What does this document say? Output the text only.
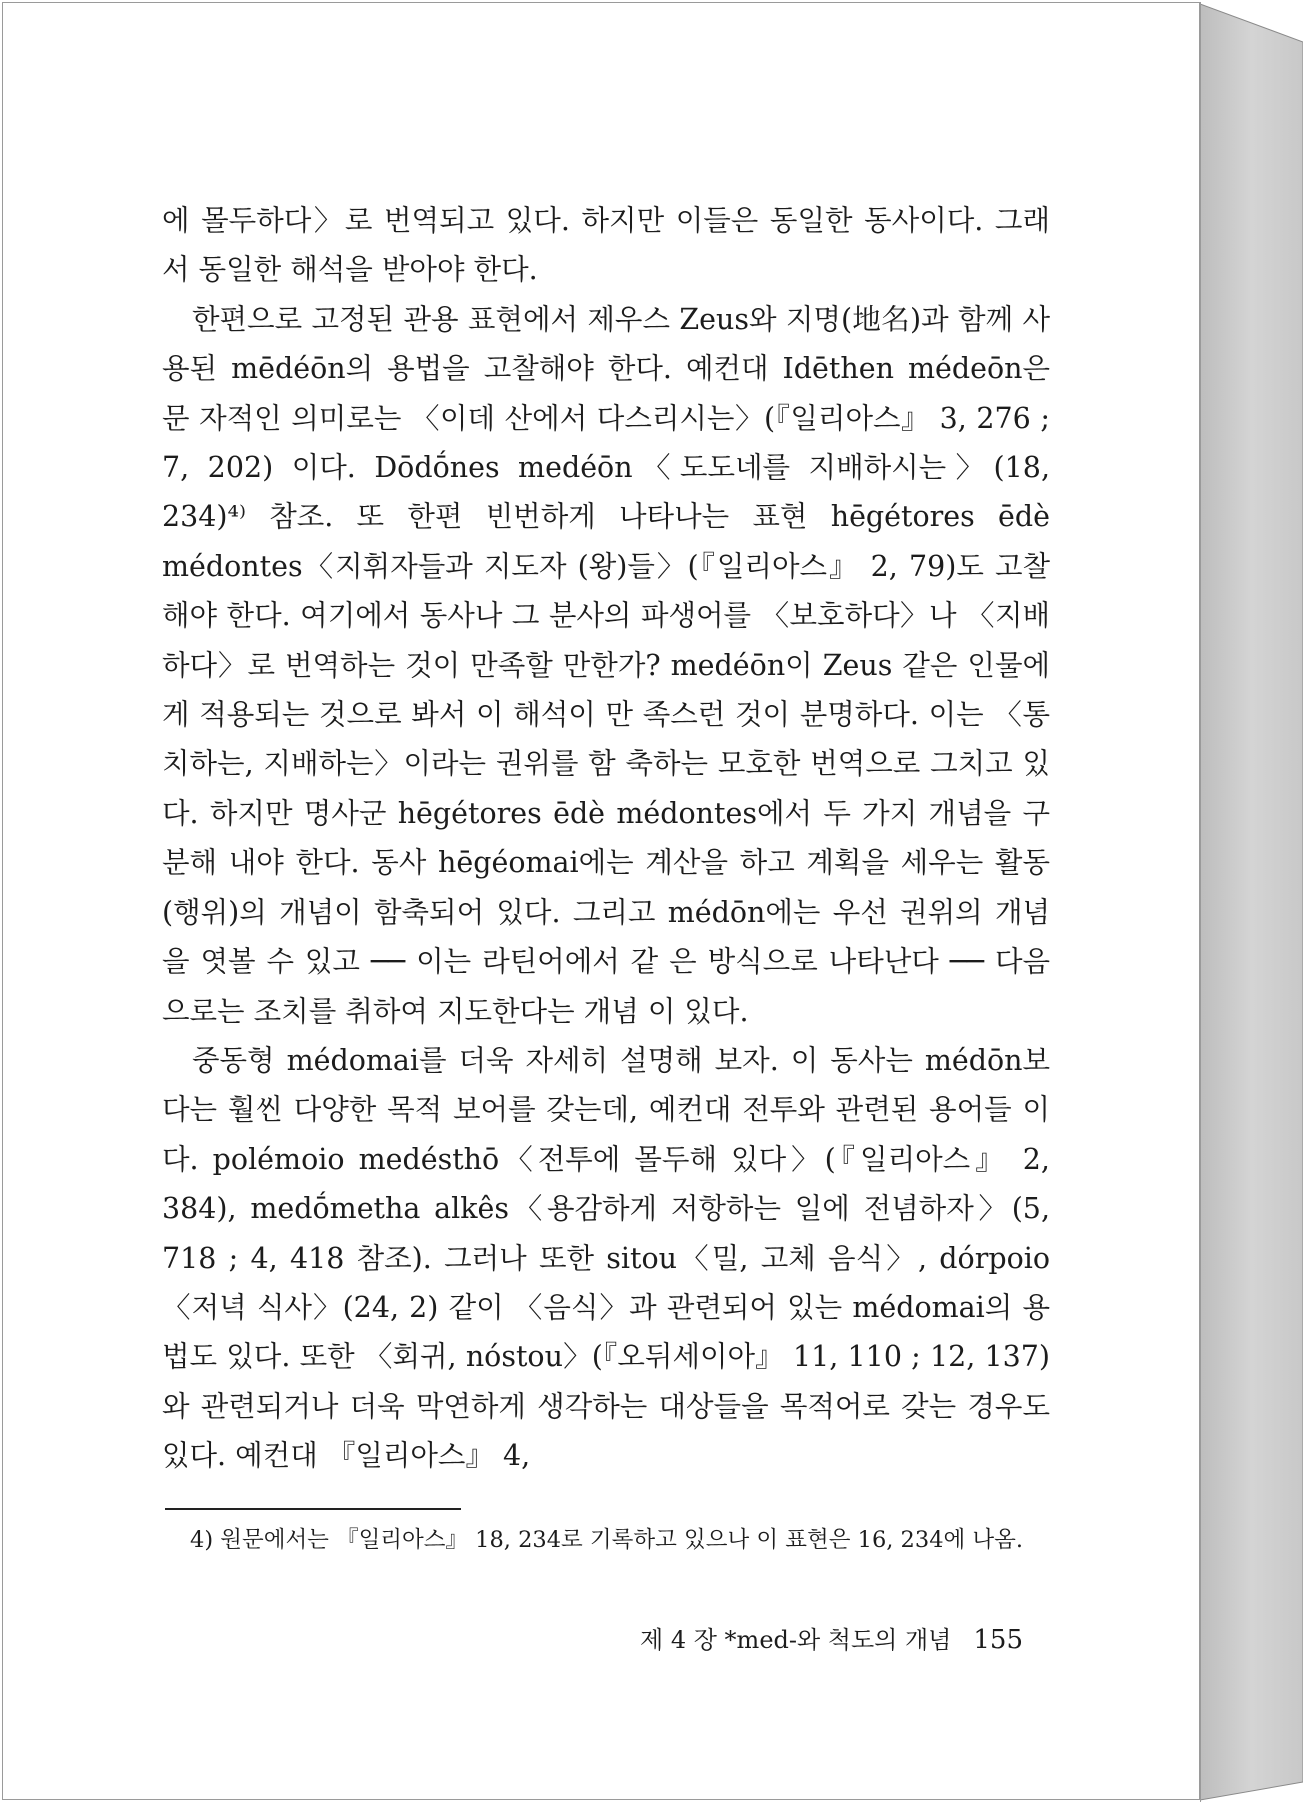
에 몰두하다〉로 번역되고 있다. 하지만 이들은 동일한 동사이다. 그래 서 동일한 해석을 받아야 한다.

한편으로 고정된 관용 표현에서 제우스 Zeus와 지명(地名)과 함께 사 용된 mēdéōn의 용법을 고찰해야 한다. 예컨대 Idēthen médeōn은 문 자적인 의미로는 〈이데 산에서 다스리시는〉(『일리아스』 3, 276 ; 7, 202) 이다. Dōdṓnes medéōn〈도도네를 지배하시는〉(18, 234)⁴⁾ 참조. 또 한편 빈번하게 나타나는 표현 hēgétores ēdè médontes〈지휘자들과 지도자 (왕)들〉(『일리아스』 2, 79)도 고찰해야 한다. 여기에서 동사나 그 분사의 파생어를 〈보호하다〉나 〈지배하다〉로 번역하는 것이 만족할 만한가? medéōn이 Zeus 같은 인물에게 적용되는 것으로 봐서 이 해석이 만 족스런 것이 분명하다. 이는 〈통치하는, 지배하는〉이라는 권위를 함 축하는 모호한 번역으로 그치고 있다. 하지만 명사군 hēgétores ēdè médontes에서 두 가지 개념을 구분해 내야 한다. 동사 hēgéomai에는 계산을 하고 계획을 세우는 활동(행위)의 개념이 함축되어 있다. 그리고 médōn에는 우선 권위의 개념을 엿볼 수 있고 ── 이는 라틴어에서 같 은 방식으로 나타난다 ── 다음으로는 조치를 취하여 지도한다는 개념 이 있다.

중동형 médomai를 더욱 자세히 설명해 보자. 이 동사는 médōn보 다는 훨씬 다양한 목적 보어를 갖는데, 예컨대 전투와 관련된 용어들 이다. polémoio medésthō〈전투에 몰두해 있다〉(『일리아스』 2, 384), medṓmetha alkês〈용감하게 저항하는 일에 전념하자〉(5, 718 ; 4, 418 참조). 그러나 또한 sitou〈밀, 고체 음식〉, dórpoio〈저녁 식사〉(24, 2) 같이 〈음식〉과 관련되어 있는 médomai의 용법도 있다. 또한 〈회귀, nóstou〉(『오뒤세이아』 11, 110 ; 12, 137)와 관련되거나 더욱 막연하게 생각하는 대상들을 목적어로 갖는 경우도 있다. 예컨대 『일리아스』 4,

4) 원문에서는 『일리아스』 18, 234로 기록하고 있으나 이 표현은 16, 234에 나옴.
제 4 장 *med-와 척도의 개념 155
